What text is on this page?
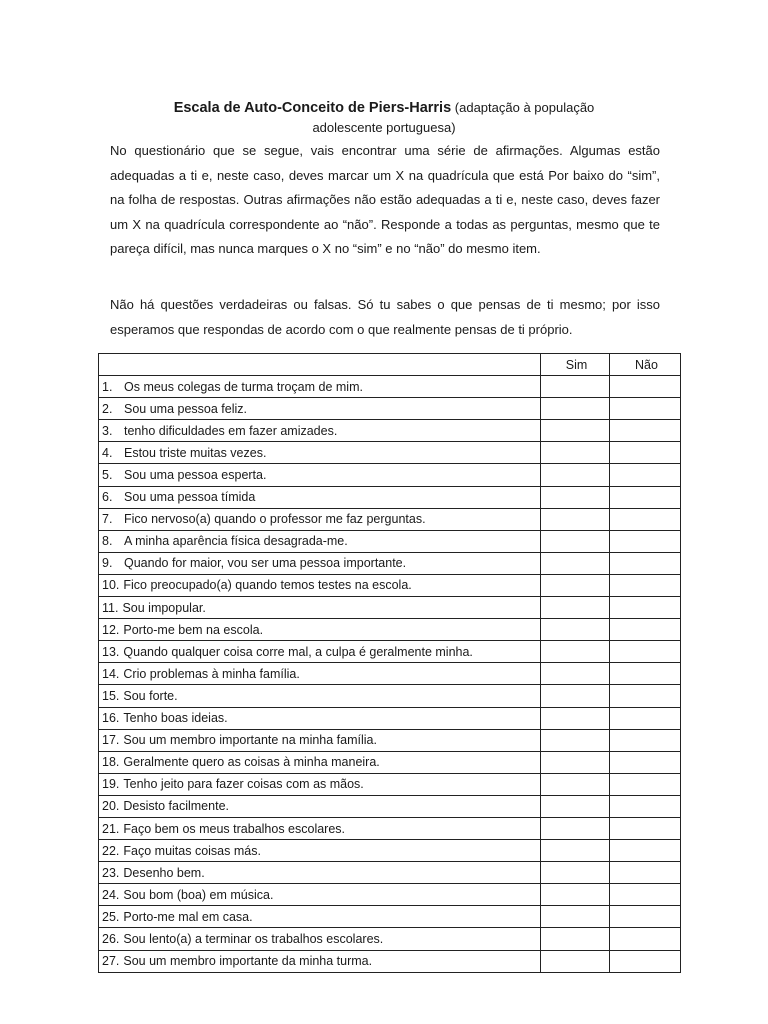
Escala de Auto-Conceito de Piers-Harris (adaptação à população
adolescente portuguesa)
No questionário que se segue, vais encontrar uma série de afirmações. Algumas estão adequadas a ti e, neste caso, deves marcar um X na quadrícula que está Por baixo do “sim”, na folha de respostas. Outras afirmações não estão adequadas a ti e, neste caso, deves fazer um X na quadrícula correspondente ao “não”. Responde a todas as perguntas, mesmo que te pareça difícil, mas nunca marques o X no “sim” e no “não” do mesmo item.
Não há questões verdadeiras ou falsas. Só tu sabes o que pensas de ti mesmo; por isso esperamos que respondas de acordo com o que realmente pensas de ti próprio.
	Sim	Não
1. Os meus colegas de turma troçam de mim.		
2. Sou uma pessoa feliz.		
3. tenho dificuldades em fazer amizades.		
4. Estou triste muitas vezes.		
5. Sou uma pessoa esperta.		
6. Sou uma pessoa tímida		
7. Fico nervoso(a) quando o professor me faz perguntas.		
8. A minha aparência física desagrada-me.		
9. Quando for maior, vou ser uma pessoa importante.		
10. Fico preocupado(a) quando temos testes na escola.		
11. Sou impopular.		
12. Porto-me bem na escola.		
13. Quando qualquer coisa corre mal, a culpa é geralmente minha.		
14. Crio problemas à minha família.		
15. Sou forte.		
16. Tenho boas ideias.		
17. Sou um membro importante na minha família.		
18. Geralmente quero as coisas à minha maneira.		
19. Tenho jeito para fazer coisas com as mãos.		
20. Desisto facilmente.		
21. Faço bem os meus trabalhos escolares.		
22. Faço muitas coisas más.		
23. Desenho bem.		
24. Sou bom (boa) em música.		
25. Porto-me mal em casa.		
26. Sou lento(a) a terminar os trabalhos escolares.		
27. Sou um membro importante da minha turma.		
